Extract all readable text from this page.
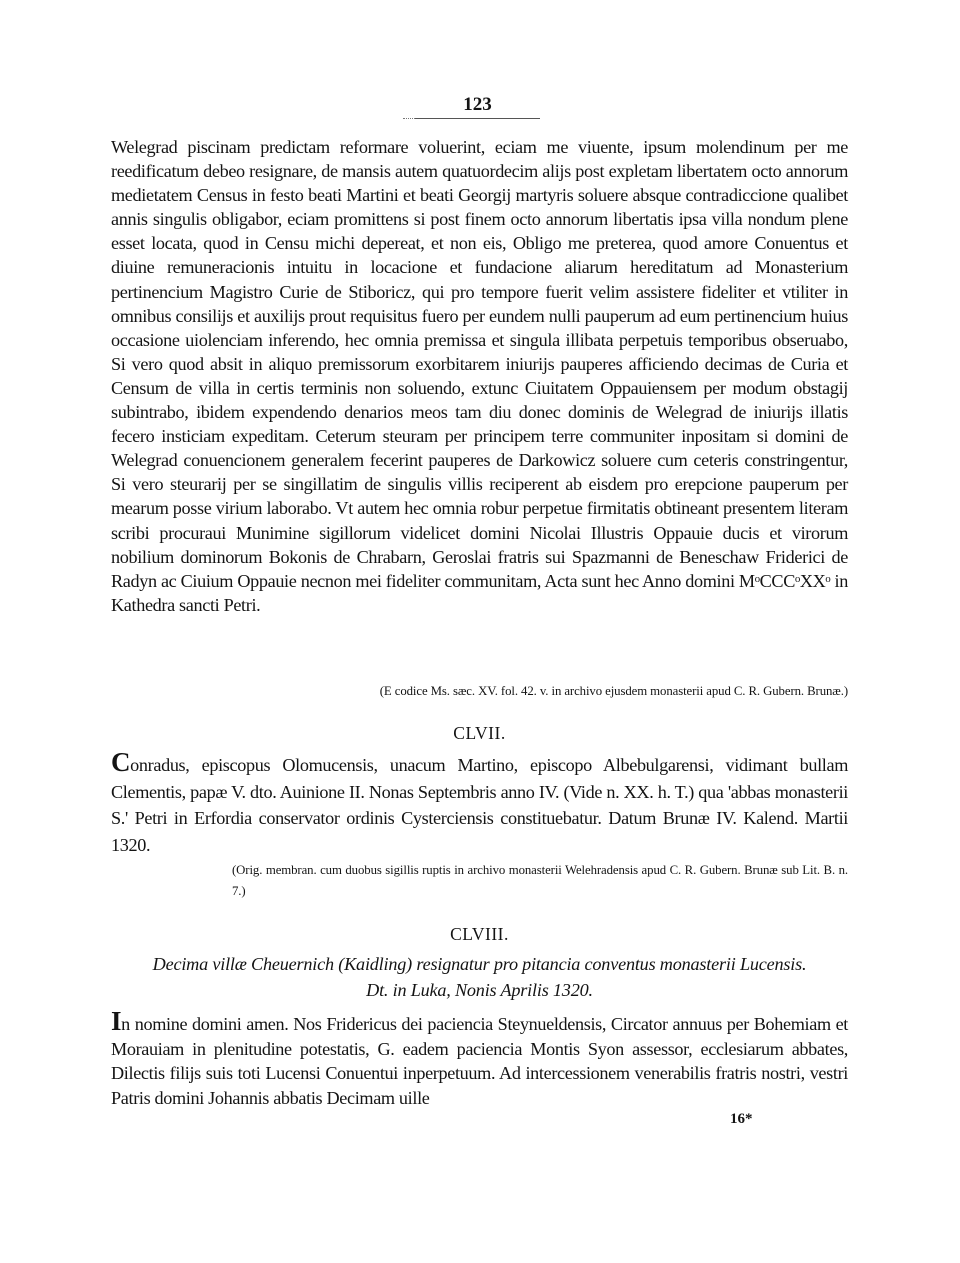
123

Welegrad piscinam predictam reformare voluerint, eciam me viuente, ipsum molendinum per me reedificatum debeo resignare, de mansis autem quatuordecim alijs post expletam libertatem octo annorum medietatem Census in festo beati Martini et beati Georgij martyris soluere absque contradiccione qualibet annis singulis obligabor, eciam promittens si post finem octo annorum libertatis ipsa villa nondum plene esset locata, quod in Censu michi depereat, et non eis, Obligo me preterea, quod amore Conuentus et diuine remuneracionis intuitu in locacione et fundacione aliarum hereditatum ad Monasterium pertinencium Magistro Curie de Stiboricz, qui pro tempore fuerit velim assistere fideliter et vtiliter in omnibus consilijs et auxilijs prout requisitus fuero per eundem nulli pauperum ad eum pertinencium huius occasione uiolenciam inferendo, hec omnia premissa et singula illibata perpetuis temporibus obseruabo, Si vero quod absit in aliquo premissorum exorbitarem iniurijs pauperes afficiendo decimas de Curia et Censum de villa in certis terminis non soluendo, extunc Ciuitatem Oppauiensem per modum obstagij subintrabo, ibidem expendendo denarios meos tam diu donec dominis de Welegrad de iniurijs illatis fecero insticiam expeditam. Ceterum steuram per principem terre communiter inpositam si domini de Welegrad conuencionem generalem fecerint pauperes de Darkowicz soluere cum ceteris constringentur, Si vero steurarij per se singillatim de singulis villis reciperent ab eisdem pro erepcione pauperum per mearum posse virium laborabo. Vt autem hec omnia robur perpetue firmitatis obtineant presentem literam scribi procuraui Munimine sigillorum videlicet domini Nicolai Illustris Oppauie ducis et virorum nobilium dominorum Bokonis de Chrabarn, Geroslai fratris sui Spazmanni de Beneschaw Friderici de Radyn ac Ciuium Oppauie necnon mei fideliter communitam, Acta sunt hec Anno domini MᵒCCCᵒXXᵒ in Kathedra sancti Petri.

(E codice Ms. sæc. XV. fol. 42. v. in archivo ejusdem monasterii apud C. R. Gubern. Brunæ.)

CLVII.

Conradus, episcopus Olomucensis, unacum Martino, episcopo Albebulgarensi, vidimant bullam Clementis, papæ V. dto. Auinione II. Nonas Septembris anno IV. (Vide n. XX. h. T.) qua 'abbas monasterii S.' Petri in Erfordia conservator ordinis Cysterciensis constituebatur. Datum Brunæ IV. Kalend. Martii 1320.

(Orig. membran. cum duobus sigillis ruptis in archivo monasterii Welehradensis apud C. R. Gubern. Brunæ sub Lit. B. n. 7.)

CLVIII.
Decima villæ Cheuernich (Kaidling) resignatur pro pitancia conventus monasterii Lucensis.
Dt. in Luka, Nonis Aprilis 1320.

In nomine domini amen. Nos Fridericus dei paciencia Steynueldensis, Circator annuus per Bohemiam et Morauiam in plenitudine potestatis, G. eadem paciencia Montis Syon assessor, ecclesiarum abbates, Dilectis filijs suis toti Lucensi Conuentui inperpetuum. Ad intercessionem venerabilis fratris nostri, vestri Patris domini Johannis abbatis Decimam uille

16*
